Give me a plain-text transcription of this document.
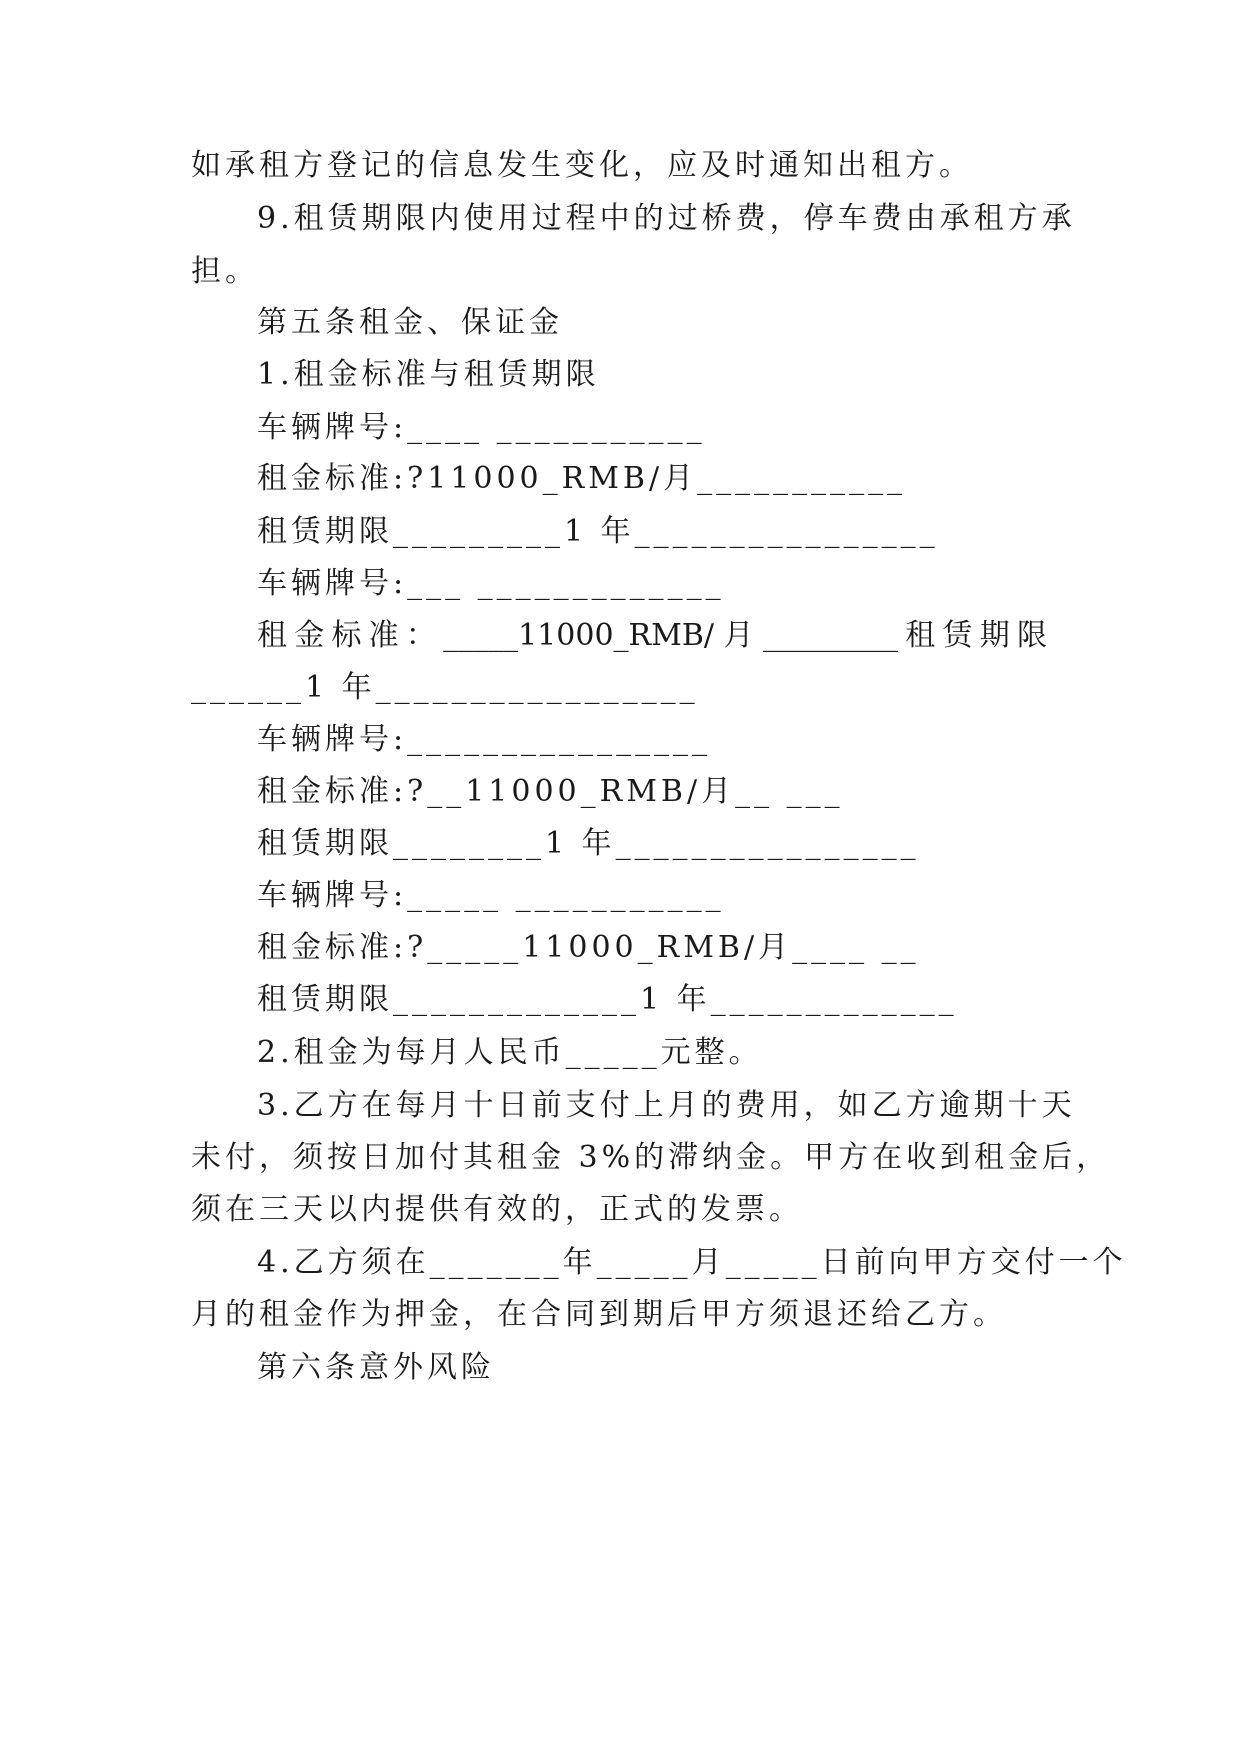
如承租方登记的信息发生变化，应及时通知出租方。
9.租赁期限内使用过程中的过桥费，停车费由承租方承
担。
第五条租金、保证金
1.租金标准与租赁期限
车辆牌号:____ ___________
租金标准:?11000_RMB/月___________
租赁期限_________1 年________________
车辆牌号:___ _____________
租 金 标 准 ： _____11000_RMB/ 月 _________ 租 赁 期 限
______1 年_________________
车辆牌号:________________
租金标准:?__11000_RMB/月__ ___
租赁期限________1 年________________
车辆牌号:_____ ___________
租金标准:?_____11000_RMB/月____ __
租赁期限_____________1 年_____________
2.租金为每月人民币_____元整。
3.乙方在每月十日前支付上月的费用，如乙方逾期十天
未付，须按日加付其租金 3%的滞纳金。甲方在收到租金后，
须在三天以内提供有效的，正式的发票。
4.乙方须在_______年_____月_____日前向甲方交付一个
月的租金作为押金，在合同到期后甲方须退还给乙方。
第六条意外风险
